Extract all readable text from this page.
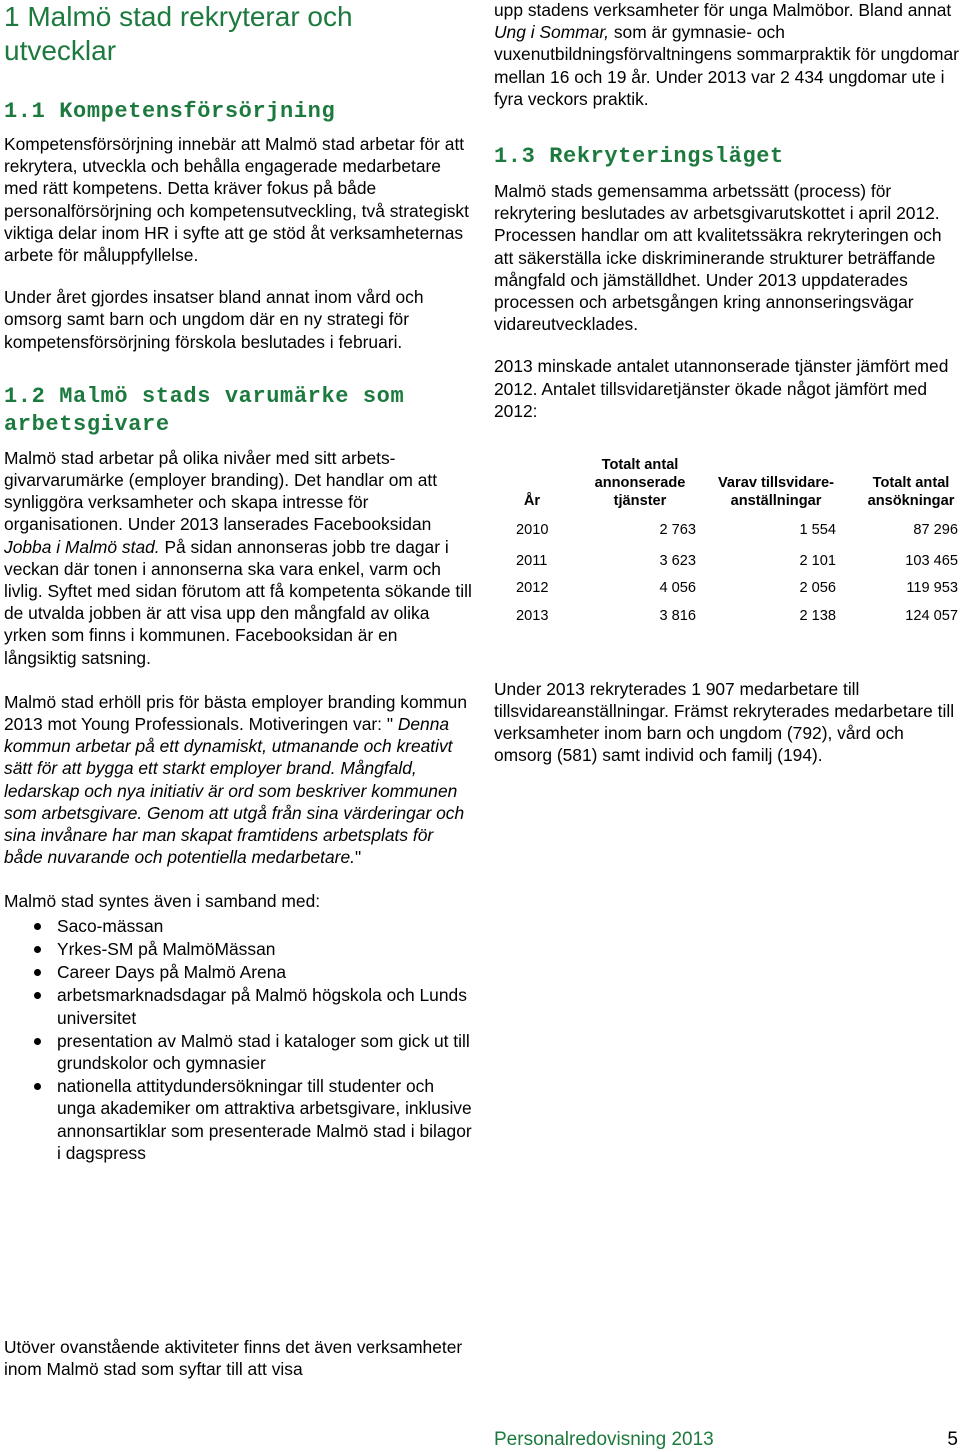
1 Malmö stad rekryterar och
utvecklar
1.1 Kompetensförsörjning

Kompetensförsörjning innebär att Malmö stad arbetar för att rekrytera, utveckla och behålla engagerade medarbetare med rätt kompetens. Detta kräver fokus på både personalförsörjning och kompetensutveckling, två strategiskt viktiga delar inom HR i syfte att ge stöd åt verksamheternas arbete för måluppfyllelse.

Under året gjordes insatser bland annat inom vård och omsorg samt barn och ungdom där en ny strategi för kompetensförsörjning förskola beslutades i februari.

1.2 Malmö stads varumärke som
arbetsgivare

Malmö stad arbetar på olika nivåer med sitt arbets-givarvarumärke (employer branding). Det handlar om att synliggöra verksamheter och skapa intresse för organisationen. Under 2013 lanserades Facebooksidan Jobba i Malmö stad. På sidan annonseras jobb tre dagar i veckan där tonen i annonserna ska vara enkel, varm och livlig. Syftet med sidan förutom att få kompetenta sökande till de utvalda jobben är att visa upp den mångfald av olika yrken som finns i kommunen. Facebooksidan är en långsiktig satsning.

Malmö stad erhöll pris för bästa employer branding kommun 2013 mot Young Professionals. Motiveringen var: " Denna kommun arbetar på ett dynamiskt, utmanande och kreativt sätt för att bygga ett starkt employer brand. Mångfald, ledarskap och nya initiativ är ord som beskriver kommunen som arbetsgivare. Genom att utgå från sina värderingar och sina invånare har man skapat framtidens arbetsplats för både nuvarande och potentiella medarbetare."

Malmö stad syntes även i samband med:

Saco-mässan
Yrkes-SM på MalmöMässan
Career Days på Malmö Arena
arbetsmarknadsdagar på Malmö högskola och Lunds universitet
presentation av Malmö stad i kataloger som gick ut till grundskolor och gymnasier
nationella attitydundersökningar till studenter och unga akademiker om attraktiva arbetsgivare, inklusive annonsartiklar som presenterade Malmö stad i bilagor i dagspress

Utöver ovanstående aktiviteter finns det även verksamheter inom Malmö stad som syftar till att visa

upp stadens verksamheter för unga Malmöbor. Bland annat Ung i Sommar, som är gymnasie- och vuxenutbildningsförvaltningens sommarpraktik för ungdomar mellan 16 och 19 år. Under 2013 var 2 434 ungdomar ute i fyra veckors praktik.

1.3 Rekryteringsläget

Malmö stads gemensamma arbetssätt (process) för rekrytering beslutades av arbetsgivarutskottet i april 2012. Processen handlar om att kvalitetssäkra rekryteringen och att säkerställa icke diskriminerande strukturer beträffande mångfald och jämställdhet. Under 2013 uppdaterades processen och arbetsgången kring annonseringsvägar vidareutvecklades.

2013 minskade antalet utannonserade tjänster jämfört med 2012. Antalet tillsvidaretjänster ökade något jämfört med 2012:

År	Totalt antal annonserade tjänster	Varav tillsvidare-anställningar	Totalt antal ansökningar
2010	2 763	1 554	87 296
2011	3 623	2 101	103 465
2012	4 056	2 056	119 953
2013	3 816	2 138	124 057

Under 2013 rekryterades 1 907 medarbetare till tillsvidareanställningar. Främst rekryterades medarbetare till verksamheter inom barn och ungdom (792), vård och omsorg (581) samt individ och familj (194).

Personalredovisning 2013	5
